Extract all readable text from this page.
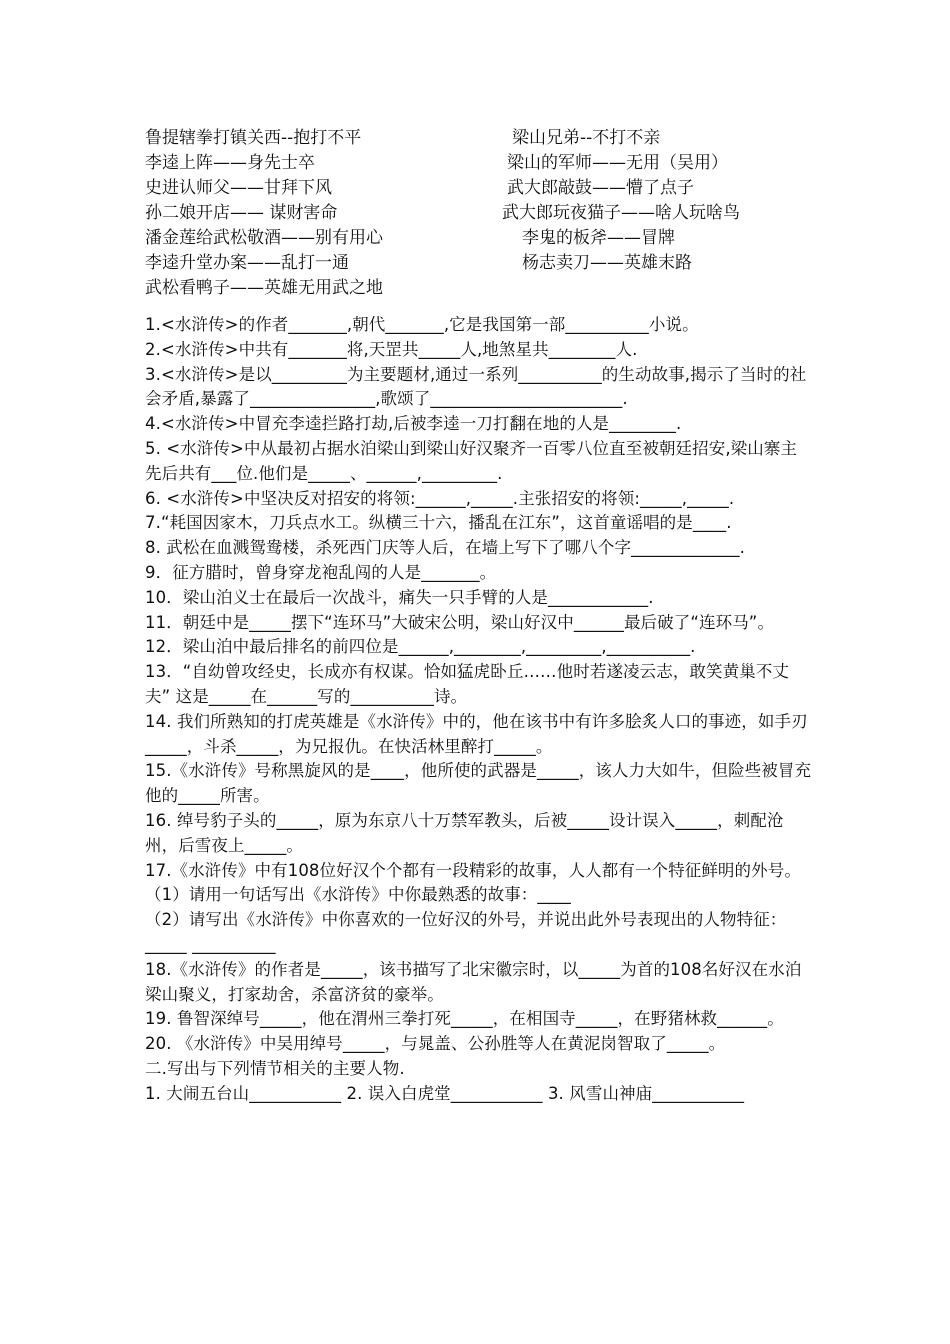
鲁提辖拳打镇关西--抱打不平	梁山兄弟--不打不亲
李逵上阵——身先士卒	梁山的军师——无用（吴用）
史进认师父——甘拜下风	武大郎敲鼓——懵了点子
孙二娘开店—— 谋财害命	武大郎玩夜猫子——啥人玩啥鸟
潘金莲给武松敬酒——别有用心	李鬼的板斧——冒牌
李逵升堂办案——乱打一通	杨志卖刀——英雄末路
武松看鸭子——英雄无用武之地

1.<水浒传>的作者_______,朝代_______,它是我国第一部__________小说。

2.<水浒传>中共有_______将,天罡共_____人,地煞星共________人.

3.<水浒传>是以_________为主要题材,通过一系列__________的生动故事,揭示了当时的社会矛盾,暴露了_______________,歌颂了_______________________.

4.<水浒传>中冒充李逵拦路打劫,后被李逵一刀打翻在地的人是________.

5. <水浒传>中从最初占据水泊梁山到梁山好汉聚齐一百零八位直至被朝廷招安,梁山寨主先后共有___位.他们是_____、______,_________.

6. <水浒传>中坚决反对招安的将领:______,_____.主张招安的将领:_____,_____.

7.“耗国因家木，刀兵点水工。纵横三十六，播乱在江东”，这首童谣唱的是____.

8. 武松在血溅鸳鸯楼，杀死西门庆等人后，在墙上写下了哪八个字_____________.

9．征方腊时，曾身穿龙袍乱闯的人是_______。

10．梁山泊义士在最后一次战斗，痛失一只手臂的人是____________.

11．朝廷中是_____摆下“连环马”大破宋公明，梁山好汉中______最后破了“连环马”。

12．梁山泊中最后排名的前四位是______,________,_________,__________.

13．“自幼曾攻经史，长成亦有权谋。恰如猛虎卧丘……他时若遂凌云志，敢笑黄巢不丈夫” 这是_____在______写的__________诗。

14. 我们所熟知的打虎英雄是《水浒传》中的，他在该书中有许多脍炙人口的事迹，如手刃_____，斗杀_____，为兄报仇。在快活林里醉打_____。

15.《水浒传》号称黑旋风的是____，他所使的武器是_____，该人力大如牛，但险些被冒充他的_____所害。

16. 绰号豹子头的_____，原为东京八十万禁军教头，后被_____设计误入_____，刺配沧州，后雪夜上_____。

17.《水浒传》中有108位好汉个个都有一段精彩的故事，人人都有一个特征鲜明的外号。

（1）请用一句话写出《水浒传》中你最熟悉的故事：____

（2）请写出《水浒传》中你喜欢的一位好汉的外号，并说出此外号表现出的人物特征：_____ __________

18.《水浒传》的作者是_____，该书描写了北宋徽宗时，以_____为首的108名好汉在水泊梁山聚义，打家劫舍，杀富济贫的豪举。

19. 鲁智深绰号_____，他在渭州三拳打死_____，在相国寺_____，在野猪林救______。

20. 《水浒传》中吴用绰号_____，与晁盖、公孙胜等人在黄泥岗智取了_____。

二.写出与下列情节相关的主要人物.

1. 大闹五台山___________ 2. 误入白虎堂___________ 3. 风雪山神庙___________
